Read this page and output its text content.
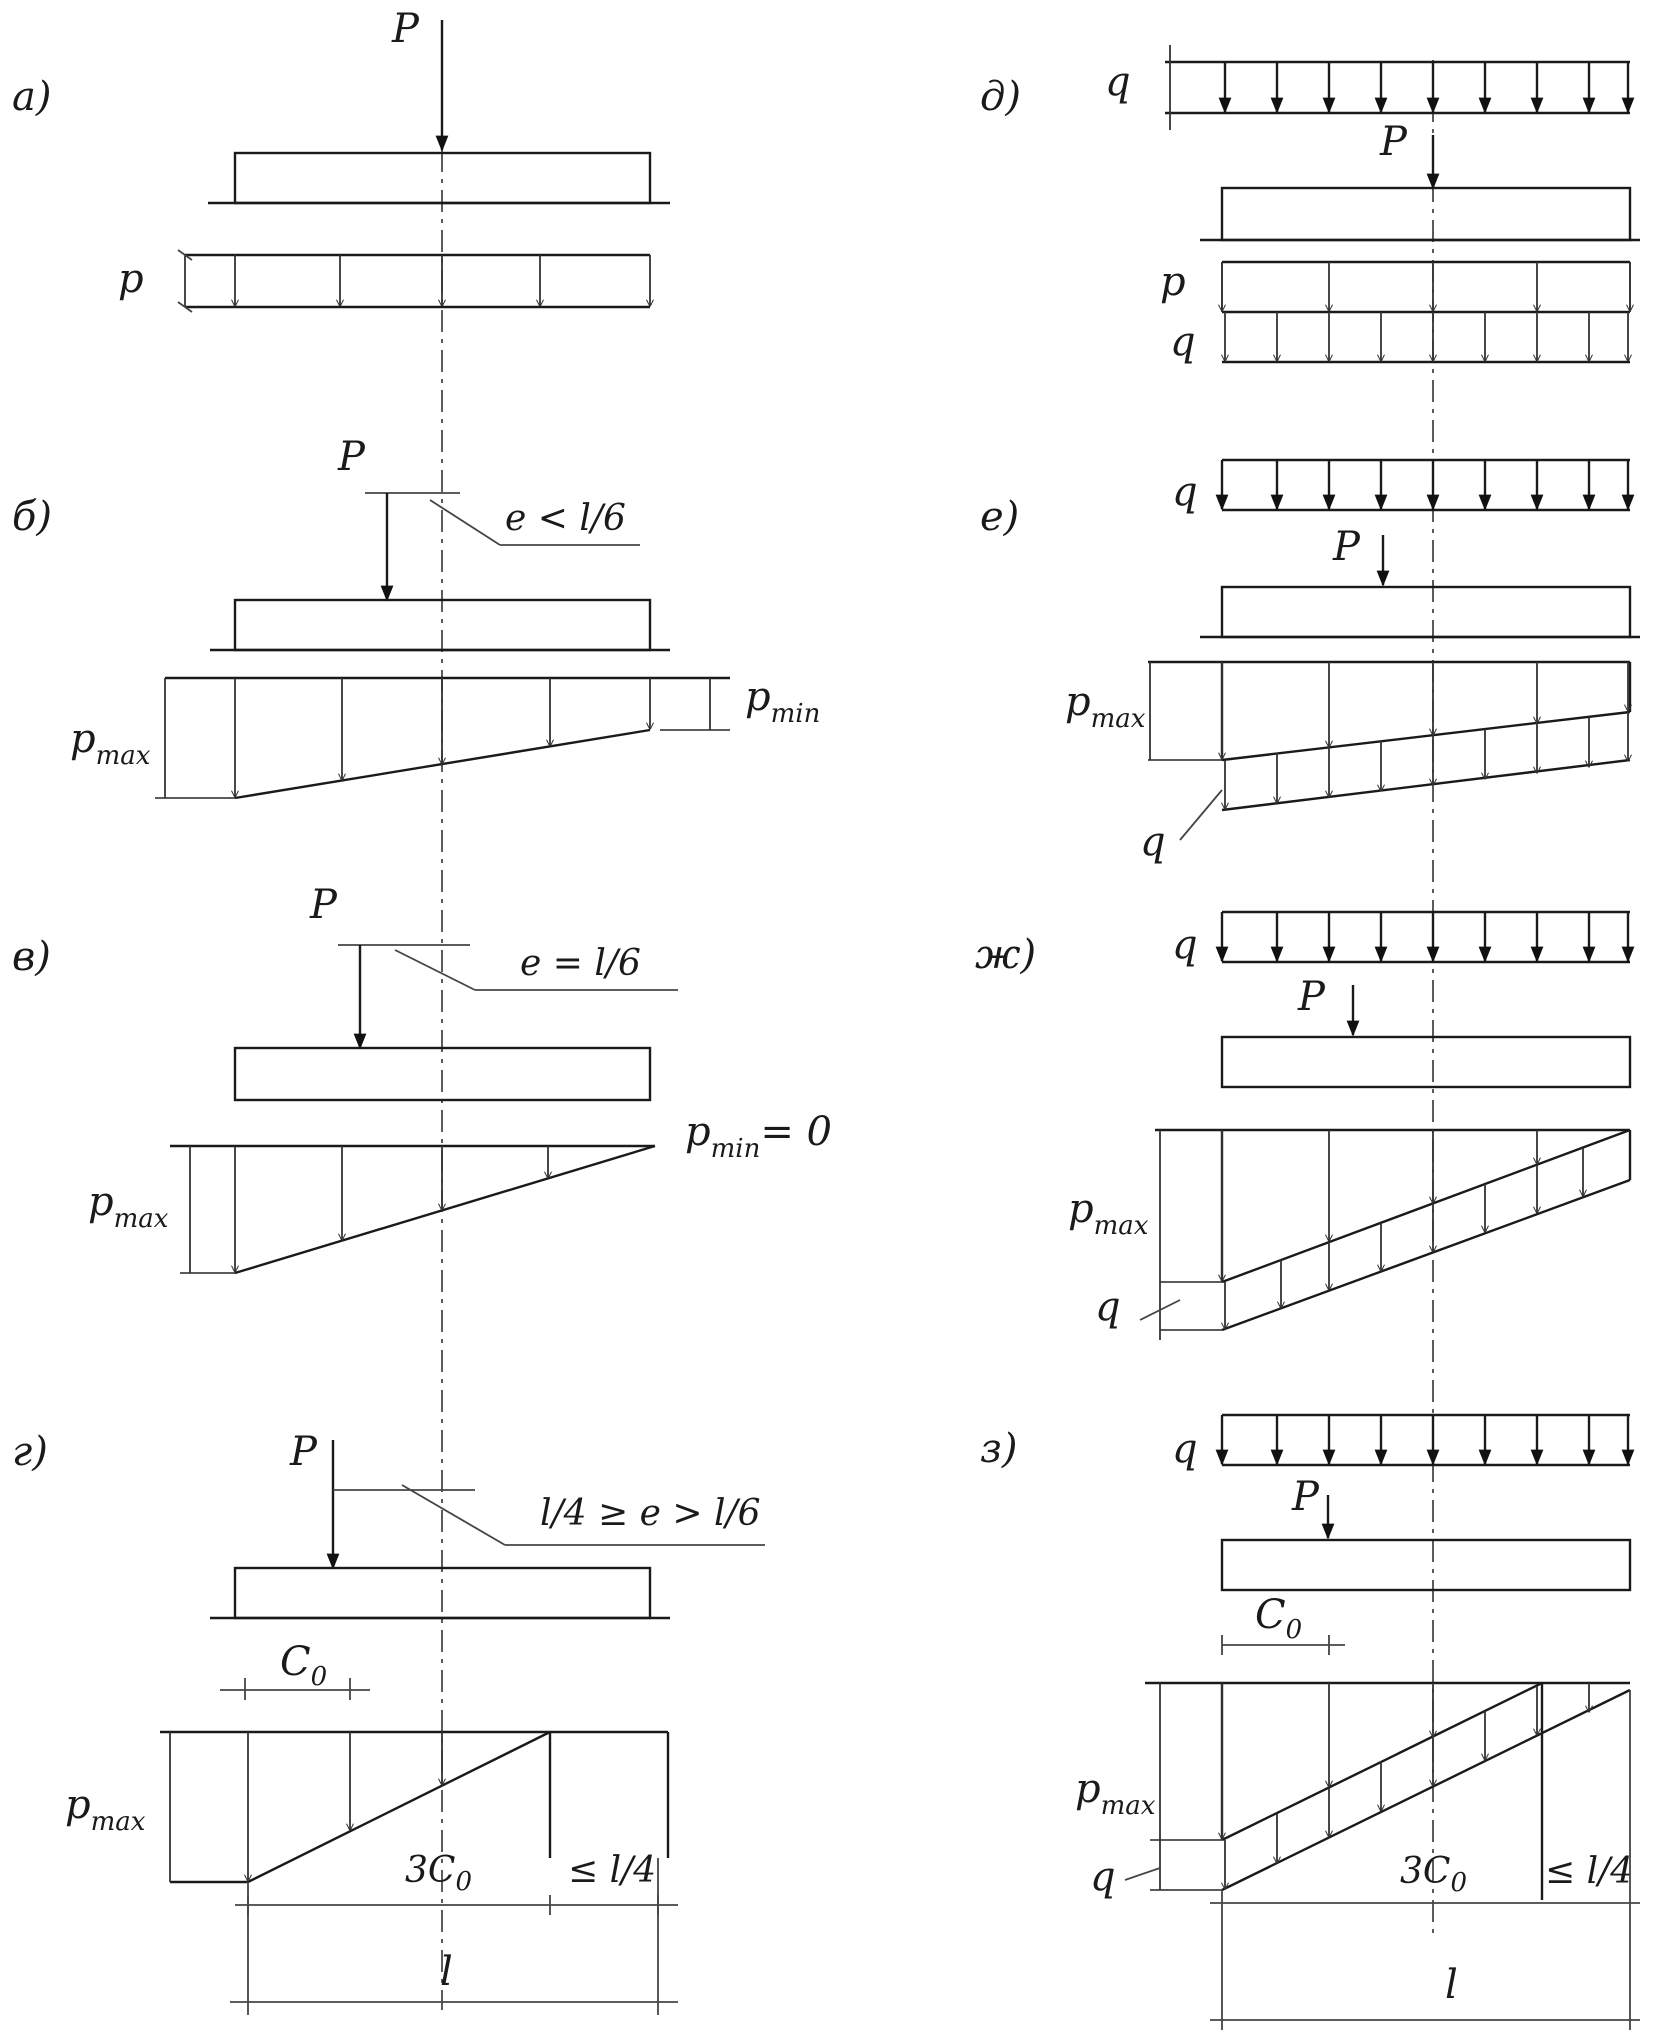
а)
P
p
б)
P
e < l/6
$p_{max}$
$p_{min}$
в)
P
e = l/6
$p_{max}$
$p_{min}= 0$
г)	P
l/4 ≥ e > l/6
$C_0$
$p_{max}$
$3C_0$	≤ l/4
l
д) q
P
p
q
е)
q
P
$p_{max}$
q
ж)	q
P
$p_{max}$
q
з)	q
P
$C_0$
$p_{max}$
q	$3C_0 \le l/4$
l
